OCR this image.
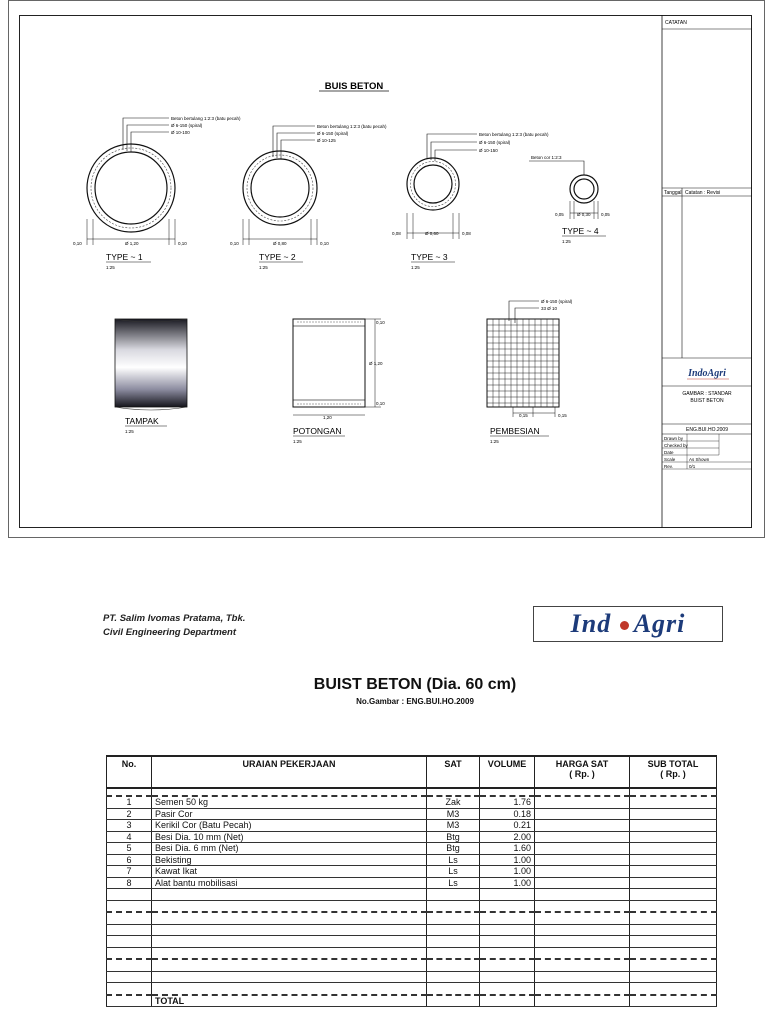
BUIS BETON
Beton bertulang 1:2:3 (batu pecah)
Ø 6-150 (spiral)
Ø 10-100
0,10	Ø 1,20	0,10
TYPE ~ 1
1:25
Beton bertulang 1:2:3 (batu pecah)
Ø 6-150 (spiral)
Ø 10-125
0,10	Ø 0,80	0,10
TYPE ~ 2
1:25
Beton bertulang 1:2:3 (batu pecah)
Ø 6-150 (spiral)
Ø 10-150
0,08	Ø 0,60	0,08
TYPE ~ 3
1:25
Beton cor 1:2:3
0,05	Ø 0,30 0,05
TYPE ~ 4
1:25
TAMPAK
1:25
Ø 1,20
1,20
0,10
0,10
POTONGAN
1:25
Ø 6-150 (spiral)
33 Ø 10
0,15	0,15
PEMBESIAN
1:25
CATATAN
Tanggal Catatan : Revisi
IndoAgri
GAMBAR : STANDAR
BUIST BETON
ENG.BUI.HO.2009
Drawn by
Checked by
Date
Scale	As Shown
Rev.	0/1
PT. Salim Ivomas Pratama, Tbk.
Civil Engineering Department	Ind Agri
BUIST BETON (Dia. 60 cm)
No.Gambar : ENG.BUI.HO.2009
No.	URAIAN PEKERJAAN	SAT	VOLUME	HARGA SAT
( Rp. )	SUB TOTAL
( Rp. )

1	Semen 50 kg	Zak	1.76		
2	Pasir Cor	M3	0.18		
3	Kerikil Cor (Batu Pecah)	M3	0.21		
4	Besi Dia. 10 mm (Net)	Btg	2.00		
5	Besi Dia. 6 mm (Net)	Btg	1.60		
6	Bekisting	Ls	1.00		
7	Kawat Ikat	Ls	1.00		
8	Alat bantu mobilisasi	Ls	1.00		

	TOTAL				
